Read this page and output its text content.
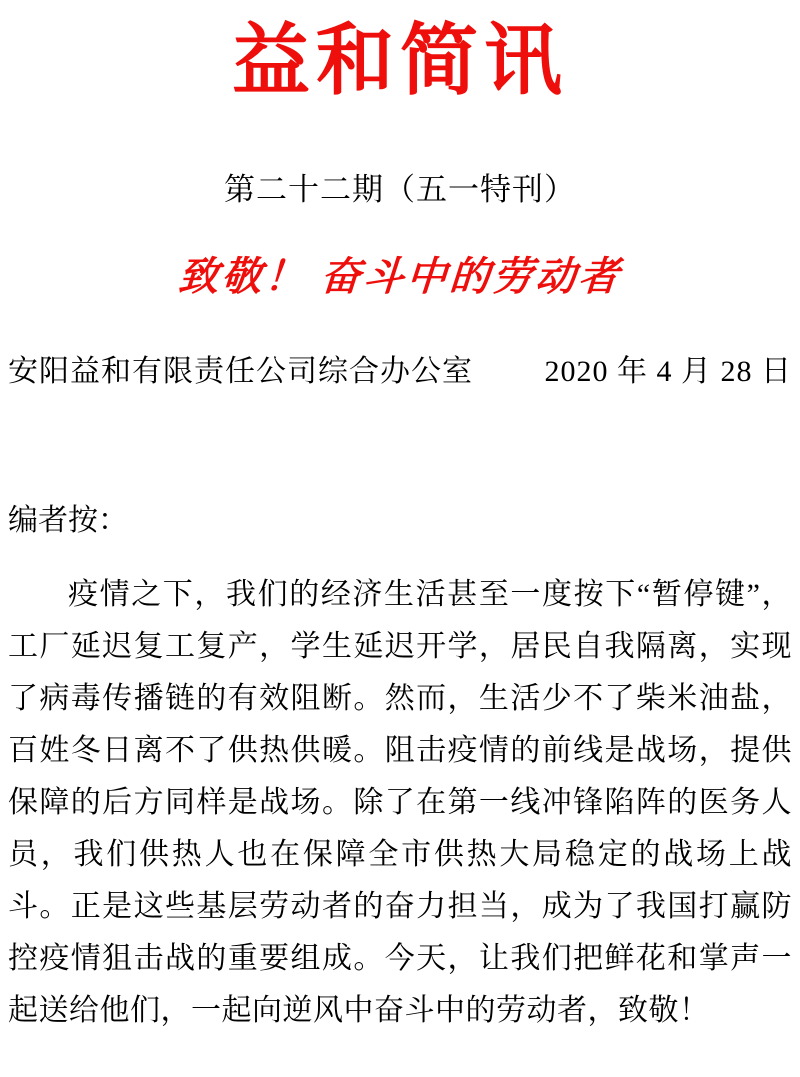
益和简讯
第二十二期（五一特刊）
致敬！ 奋斗中的劳动者
安阳益和有限责任公司综合办公室 2020 年 4 月 28 日
编者按：

疫情之下，我们的经济生活甚至一度按下“暂停键”，工厂延迟复工复产，学生延迟开学，居民自我隔离，实现了病毒传播链的有效阻断。然而，生活少不了柴米油盐，百姓冬日离不了供热供暖。阻击疫情的前线是战场，提供保障的后方同样是战场。除了在第一线冲锋陷阵的医务人员，我们供热人也在保障全市供热大局稳定的战场上战斗。正是这些基层劳动者的奋力担当，成为了我国打赢防控疫情狙击战的重要组成。今天，让我们把鲜花和掌声一起送给他们，一起向逆风中奋斗中的劳动者，致敬！
